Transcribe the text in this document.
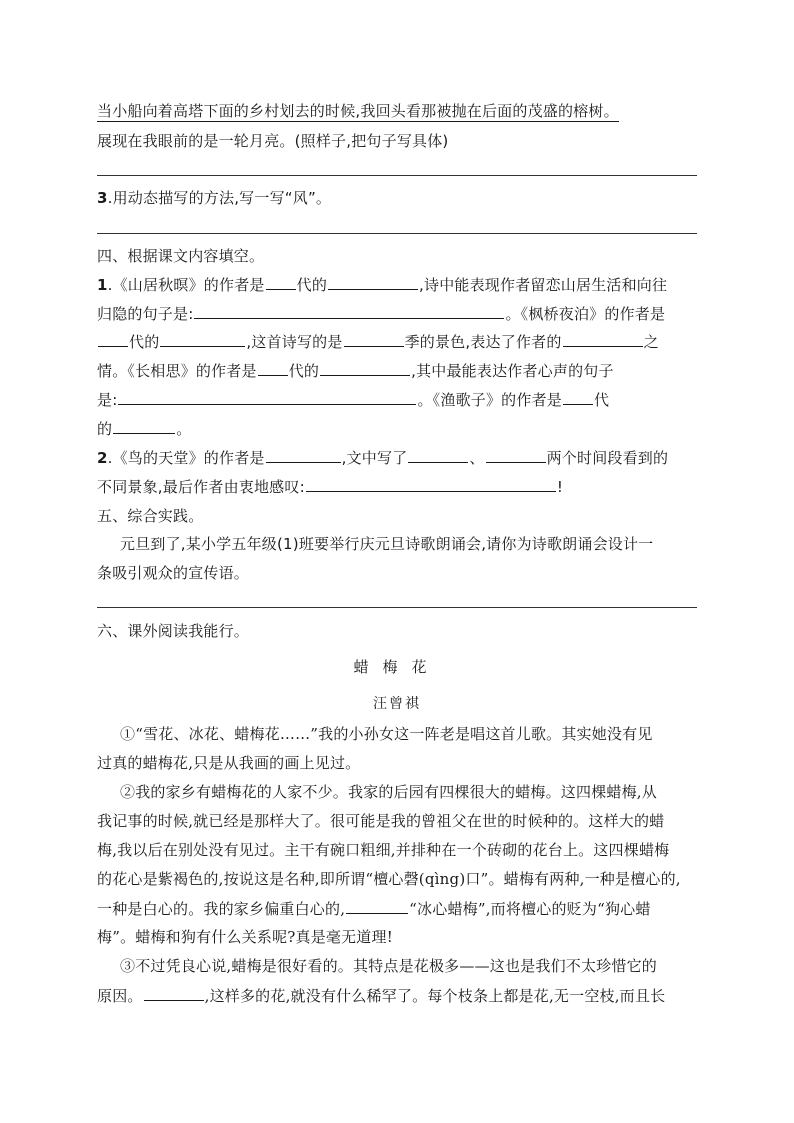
当小船向着高塔下面的乡村划去的时候,我回头看那被抛在后面的茂盛的榕树。
展现在我眼前的是一轮月亮。(照样子,把句子写具体)
3.用动态描写的方法,写一写“风”。
四、根据课文内容填空。
1.《山居秋暝》的作者是 代的	,诗中能表现作者留恋山居生活和向往
归隐的句子是:	。《枫桥夜泊》的作者是
代的	,这首诗写的是	季的景色,表达了作者的	之
情。《长相思》的作者是 代的	,其中最能表达作者心声的句子
是:	。《渔歌子》的作者是 代
的	。
2.《鸟的天堂》的作者是	,文中写了	、	两个时间段看到的
不同景象,最后作者由衷地感叹:	!
五、综合实践。
元旦到了,某小学五年级(1)班要举行庆元旦诗歌朗诵会,请你为诗歌朗诵会设计一
条吸引观众的宣传语。
六、课外阅读我能行。
蜡梅花
汪曾祺
①“雪花、冰花、蜡梅花……”我的小孙女这一阵老是唱这首儿歌。其实她没有见
过真的蜡梅花,只是从我画的画上见过。
②我的家乡有蜡梅花的人家不少。我家的后园有四棵很大的蜡梅。这四棵蜡梅,从
我记事的时候,就已经是那样大了。很可能是我的曾祖父在世的时候种的。这样大的蜡
梅,我以后在别处没有见过。主干有碗口粗细,并排种在一个砖砌的花台上。这四棵蜡梅
的花心是紫褐色的,按说这是名种,即所谓“檀心磬(qìng)口”。蜡梅有两种,一种是檀心的,
一种是白心的。我的家乡偏重白心的,	“冰心蜡梅”,而将檀心的贬为“狗心蜡
梅”。蜡梅和狗有什么关系呢?真是毫无道理!
③不过凭良心说,蜡梅是很好看的。其特点是花极多——这也是我们不太珍惜它的
原因。	,这样多的花,就没有什么稀罕了。每个枝条上都是花,无一空枝,而且长
